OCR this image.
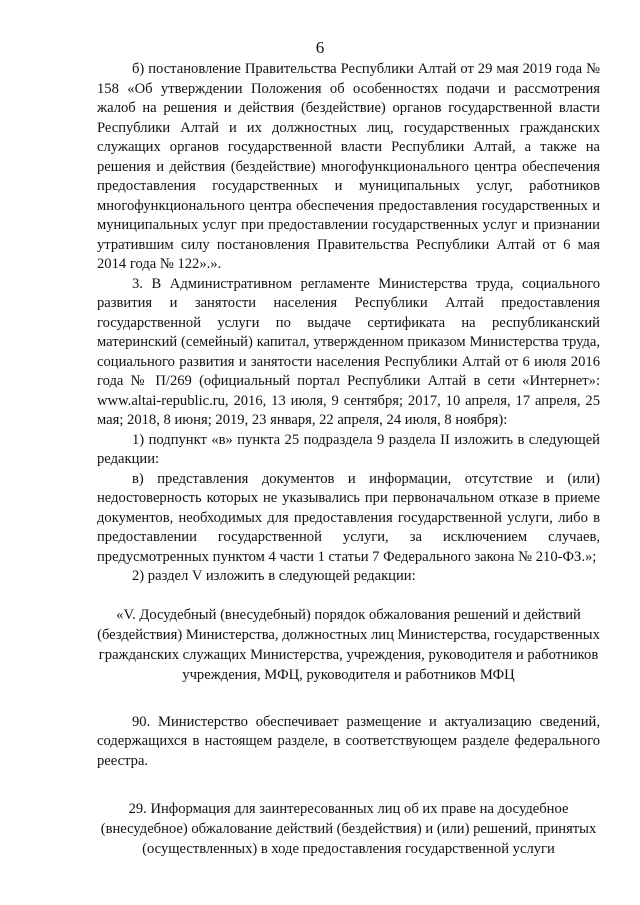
6

б) постановление Правительства Республики Алтай от 29 мая 2019 года № 158 «Об утверждении Положения об особенностях подачи и рассмотрения жалоб на решения и действия (бездействие) органов государственной власти Республики Алтай и их должностных лиц, государственных гражданских служащих органов государственной власти Республики Алтай, а также на решения и действия (бездействие) многофункционального центра обеспечения предоставления государственных и муниципальных услуг, работников многофункционального центра обеспечения предоставления государственных и муниципальных услуг при предоставлении государственных услуг и признании утратившим силу постановления Правительства Республики Алтай от 6 мая 2014 года № 122».».

3. В Административном регламенте Министерства труда, социального развития и занятости населения Республики Алтай предоставления государственной услуги по выдаче сертификата на республиканский материнский (семейный) капитал, утвержденном приказом Министерства труда, социального развития и занятости населения Республики Алтай от 6 июля 2016 года № П/269 (официальный портал Республики Алтай в сети «Интернет»: www.altai-republic.ru, 2016, 13 июля, 9 сентября; 2017, 10 апреля, 17 апреля, 25 мая; 2018, 8 июня; 2019, 23 января, 22 апреля, 24 июля, 8 ноября):

1) подпункт «в» пункта 25 подраздела 9 раздела II изложить в следующей редакции:

в) представления документов и информации, отсутствие и (или) недостоверность которых не указывались при первоначальном отказе в приеме документов, необходимых для предоставления государственной услуги, либо в предоставлении государственной услуги, за исключением случаев, предусмотренных пунктом 4 части 1 статьи 7 Федерального закона № 210-ФЗ.»;

2) раздел V изложить в следующей редакции:

«V. Досудебный (внесудебный) порядок обжалования решений и действий (бездействия) Министерства, должностных лиц Министерства, государственных гражданских служащих Министерства, учреждения, руководителя и работников учреждения, МФЦ, руководителя и работников МФЦ

90. Министерство обеспечивает размещение и актуализацию сведений, содержащихся в настоящем разделе, в соответствующем разделе федерального реестра.

29. Информация для заинтересованных лиц об их праве на досудебное (внесудебное) обжалование действий (бездействия) и (или) решений, принятых (осуществленных) в ходе предоставления государственной услуги
